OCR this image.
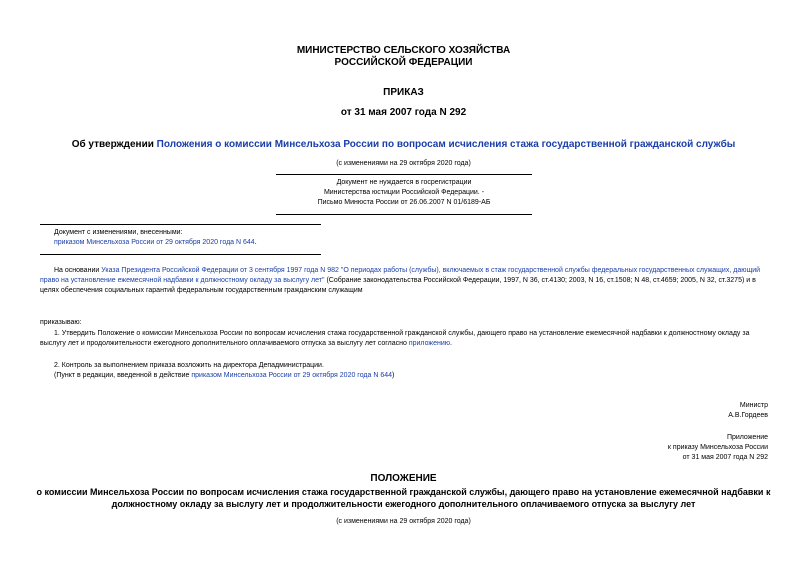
МИНИСТЕРСТВО СЕЛЬСКОГО ХОЗЯЙСТВА
РОССИЙСКОЙ ФЕДЕРАЦИИ
ПРИКАЗ
от 31 мая 2007 года N 292
Об утверждении Положения о комиссии Минсельхоза России по вопросам исчисления стажа государственной гражданской службы
(с изменениями на 29 октября 2020 года)
Документ не нуждается в госрегистрации
Министерства юстиции Российской Федерации. -
Письмо Минюста России от 26.06.2007 N 01/6189-АБ
Документ с изменениями, внесенными:
приказом Минсельхоза России от 29 октября 2020 года N 644.
На основании Указа Президента Российской Федерации от 3 сентября 1997 года N 982 "О периодах работы (службы), включаемых в стаж государственной службы федеральных государственных служащих, дающий право на установление ежемесячной надбавки к должностному окладу за выслугу лет" (Собрание законодательства Российской Федерации, 1997, N 36, ст.4130; 2003, N 16, ст.1508; N 48, ст.4659; 2005, N 32, ст.3275) и в целях обеспечения социальных гарантий федеральным государственным гражданским служащим
приказываю:
1. Утвердить Положение о комиссии Минсельхоза России по вопросам исчисления стажа государственной гражданской службы, дающего право на установление ежемесячной надбавки к должностному окладу за выслугу лет и продолжительности ежегодного дополнительного оплачиваемого отпуска за выслугу лет согласно приложению.
2. Контроль за выполнением приказа возложить на директора Депадминистрации.
(Пункт в редакции, введенной в действие приказом Минсельхоза России от 29 октября 2020 года N 644)
Министр
А.В.Гордеев
Приложение
к приказу Минсельхоза России
от 31 мая 2007 года N 292
ПОЛОЖЕНИЕ
о комиссии Минсельхоза России по вопросам исчисления стажа государственной гражданской службы, дающего право на установление ежемесячной надбавки к
должностному окладу за выслугу лет и продолжительности ежегодного дополнительного оплачиваемого отпуска за выслугу лет
(с изменениями на 29 октября 2020 года)
